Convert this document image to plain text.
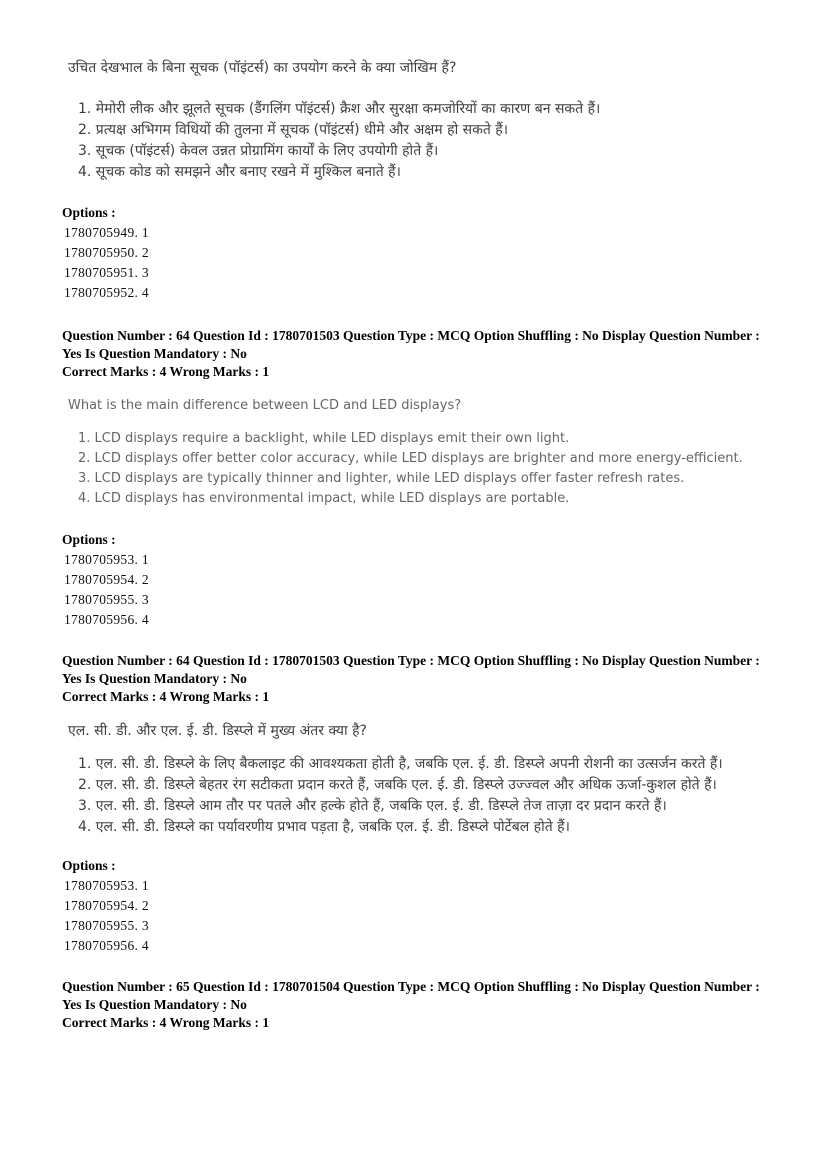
उचित देखभाल के बिना सूचक (पॉइंटर्स) का उपयोग करने के क्या जोखिम हैं?
1. मेमोरी लीक और झूलते सूचक (डैंगलिंग पॉइंटर्स) क्रैश और सुरक्षा कमजोरियों का कारण बन सकते हैं।
2. प्रत्यक्ष अभिगम विधियों की तुलना में सूचक (पॉइंटर्स) धीमे और अक्षम हो सकते हैं।
3. सूचक (पॉइंटर्स) केवल उन्नत प्रोग्रामिंग कार्यों के लिए उपयोगी होते हैं।
4. सूचक कोड को समझने और बनाए रखने में मुश्किल बनाते हैं।
Options :
1780705949. 1
1780705950. 2
1780705951. 3
1780705952. 4
Question Number : 64 Question Id : 1780701503 Question Type : MCQ Option Shuffling : No Display Question Number : Yes Is Question Mandatory : No
Correct Marks : 4 Wrong Marks : 1
What is the main difference between LCD and LED displays?
1. LCD displays require a backlight, while LED displays emit their own light.
2. LCD displays offer better color accuracy, while LED displays are brighter and more energy-efficient.
3. LCD displays are typically thinner and lighter, while LED displays offer faster refresh rates.
4. LCD displays has environmental impact, while LED displays are portable.
Options :
1780705953. 1
1780705954. 2
1780705955. 3
1780705956. 4
Question Number : 64 Question Id : 1780701503 Question Type : MCQ Option Shuffling : No Display Question Number : Yes Is Question Mandatory : No
Correct Marks : 4 Wrong Marks : 1
एल. सी. डी. और एल. ई. डी. डिस्प्ले में मुख्य अंतर क्या है?
1. एल. सी. डी. डिस्प्ले के लिए बैकलाइट की आवश्यकता होती है, जबकि एल. ई. डी. डिस्प्ले अपनी रोशनी का उत्सर्जन करते हैं।
2. एल. सी. डी. डिस्प्ले बेहतर रंग सटीकता प्रदान करते हैं, जबकि एल. ई. डी. डिस्प्ले उज्ज्वल और अधिक ऊर्जा-कुशल होते हैं।
3. एल. सी. डी. डिस्प्ले आम तौर पर पतले और हल्के होते हैं, जबकि एल. ई. डी. डिस्प्ले तेज ताज़ा दर प्रदान करते हैं।
4. एल. सी. डी. डिस्प्ले का पर्यावरणीय प्रभाव पड़ता है, जबकि एल. ई. डी. डिस्प्ले पोर्टेबल होते हैं।
Options :
1780705953. 1
1780705954. 2
1780705955. 3
1780705956. 4
Question Number : 65 Question Id : 1780701504 Question Type : MCQ Option Shuffling : No Display Question Number : Yes Is Question Mandatory : No
Correct Marks : 4 Wrong Marks : 1
